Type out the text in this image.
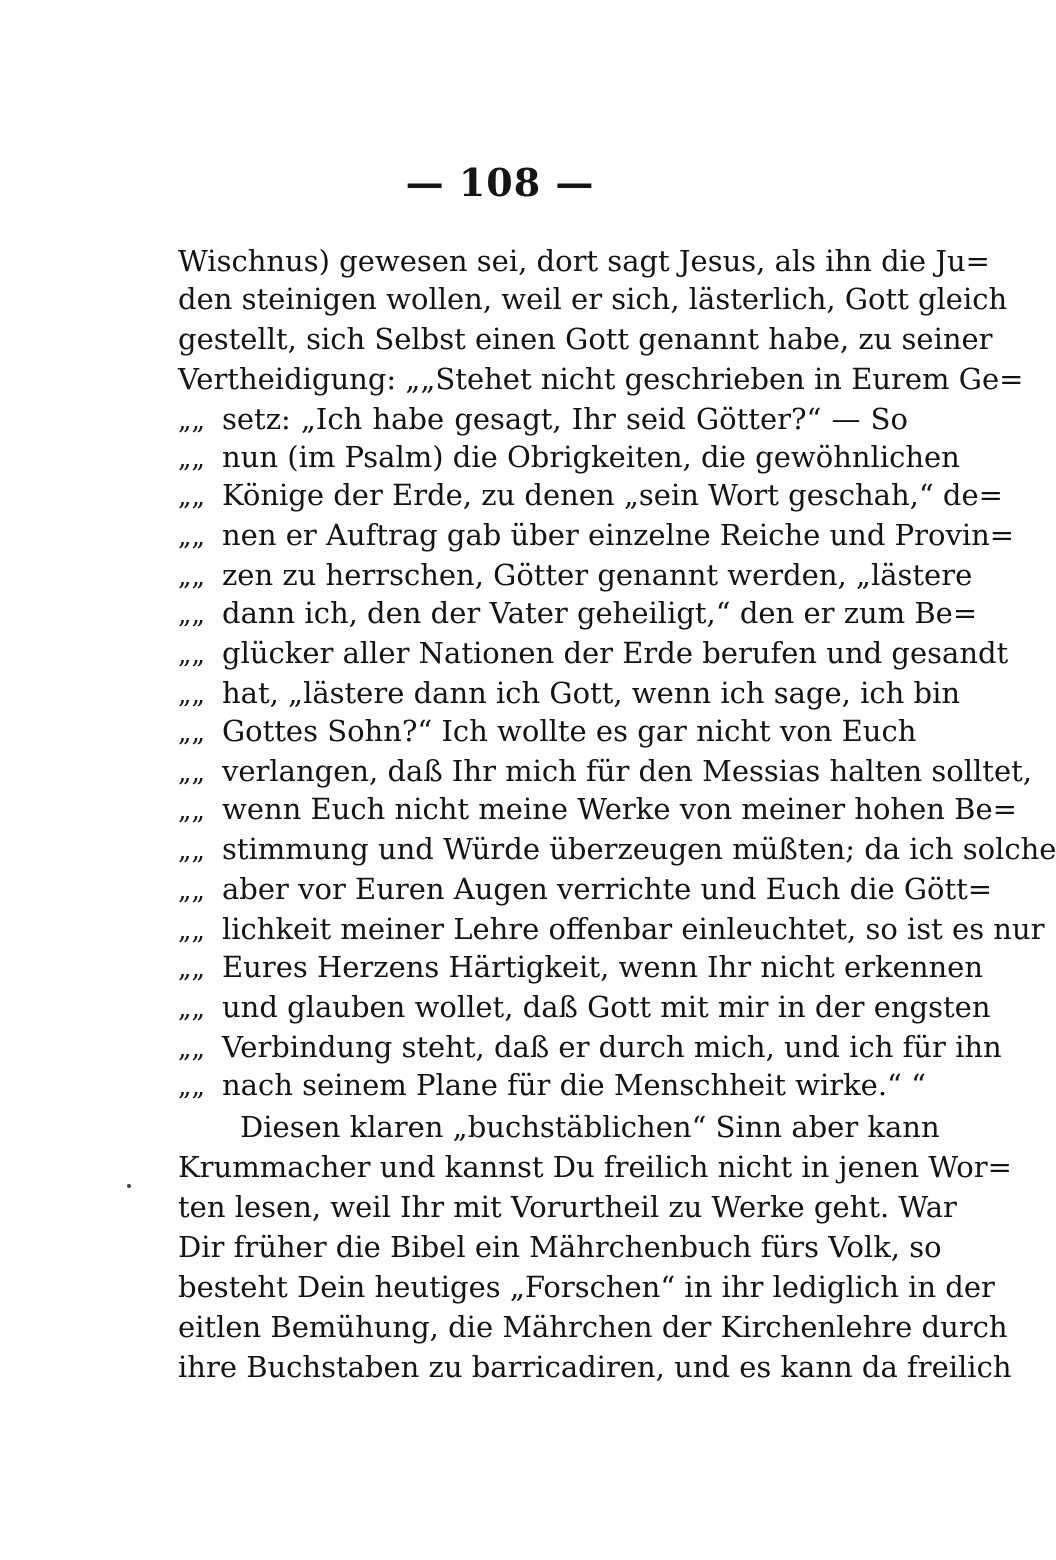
— 108 —
Wischnus) gewesen sei, dort sagt Jesus, als ihn die Ju=
den steinigen wollen, weil er sich, lästerlich, Gott gleich
gestellt, sich Selbst einen Gott genannt habe, zu seiner
Vertheidigung: „„Stehet nicht geschrieben in Eurem Ge=
„„ setz: „Ich habe gesagt, Ihr seid Götter?“ — So
„„ nun (im Psalm) die Obrigkeiten, die gewöhnlichen
„„ Könige der Erde, zu denen „sein Wort geschah,“ de=
„„ nen er Auftrag gab über einzelne Reiche und Provin=
„„ zen zu herrschen, Götter genannt werden, „lästere
„„ dann ich, den der Vater geheiligt,“ den er zum Be=
„„ glücker aller Nationen der Erde berufen und gesandt
„„ hat, „lästere dann ich Gott, wenn ich sage, ich bin
„„ Gottes Sohn?“ Ich wollte es gar nicht von Euch
„„ verlangen, daß Ihr mich für den Messias halten solltet,
„„ wenn Euch nicht meine Werke von meiner hohen Be=
„„ stimmung und Würde überzeugen müßten; da ich solche
„„ aber vor Euren Augen verrichte und Euch die Gött=
„„ lichkeit meiner Lehre offenbar einleuchtet, so ist es nur
„„ Eures Herzens Härtigkeit, wenn Ihr nicht erkennen
„„ und glauben wollet, daß Gott mit mir in der engsten
„„ Verbindung steht, daß er durch mich, und ich für ihn
„„ nach seinem Plane für die Menschheit wirke.“ “
Diesen klaren „buchstäblichen“ Sinn aber kann
Krummacher und kannst Du freilich nicht in jenen Wor=
ten lesen, weil Ihr mit Vorurtheil zu Werke geht. War
Dir früher die Bibel ein Mährchenbuch fürs Volk, so
besteht Dein heutiges „Forschen“ in ihr lediglich in der
eitlen Bemühung, die Mährchen der Kirchenlehre durch
ihre Buchstaben zu barricadiren, und es kann da freilich
